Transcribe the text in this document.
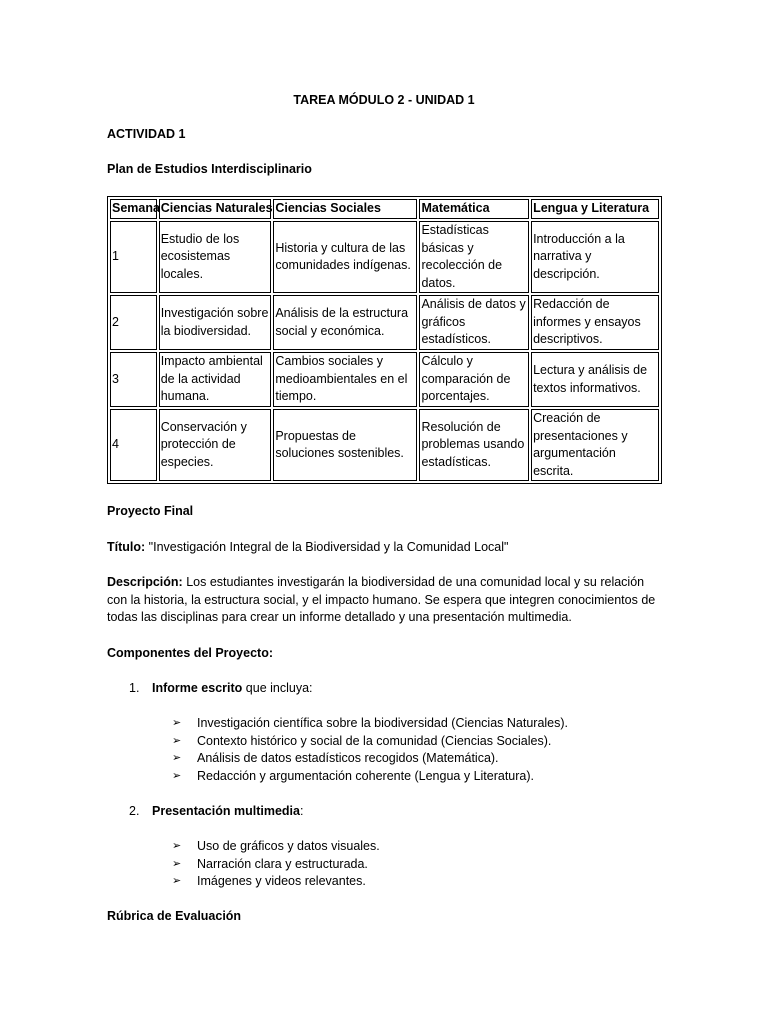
TAREA MÓDULO 2 - UNIDAD 1

ACTIVIDAD 1

Plan de Estudios Interdisciplinario

Semana	Ciencias Naturales	Ciencias Sociales	Matemática	Lengua y Literatura
1	Estudio de los ecosistemas locales.	Historia y cultura de las comunidades indígenas.	Estadísticas básicas y recolección de datos.	Introducción a la narrativa y descripción.
2	Investigación sobre la biodiversidad.	Análisis de la estructura social y económica.	Análisis de datos y gráficos estadísticos.	Redacción de informes y ensayos descriptivos.
3	Impacto ambiental de la actividad humana.	Cambios sociales y medioambientales en el tiempo.	Cálculo y comparación de porcentajes.	Lectura y análisis de textos informativos.
4	Conservación y protección de especies.	Propuestas de soluciones sostenibles.	Resolución de problemas usando estadísticas.	Creación de presentaciones y argumentación escrita.

Proyecto Final

Título: "Investigación Integral de la Biodiversidad y la Comunidad Local"

Descripción: Los estudiantes investigarán la biodiversidad de una comunidad local y su relación con la historia, la estructura social, y el impacto humano. Se espera que integren conocimientos de todas las disciplinas para crear un informe detallado y una presentación multimedia.

Componentes del Proyecto:

1. Informe escrito que incluya:
➢ Investigación científica sobre la biodiversidad (Ciencias Naturales).
➢ Contexto histórico y social de la comunidad (Ciencias Sociales).
➢ Análisis de datos estadísticos recogidos (Matemática).
➢ Redacción y argumentación coherente (Lengua y Literatura).
2. Presentación multimedia:
➢ Uso de gráficos y datos visuales.
➢ Narración clara y estructurada.
➢ Imágenes y videos relevantes.

Rúbrica de Evaluación
